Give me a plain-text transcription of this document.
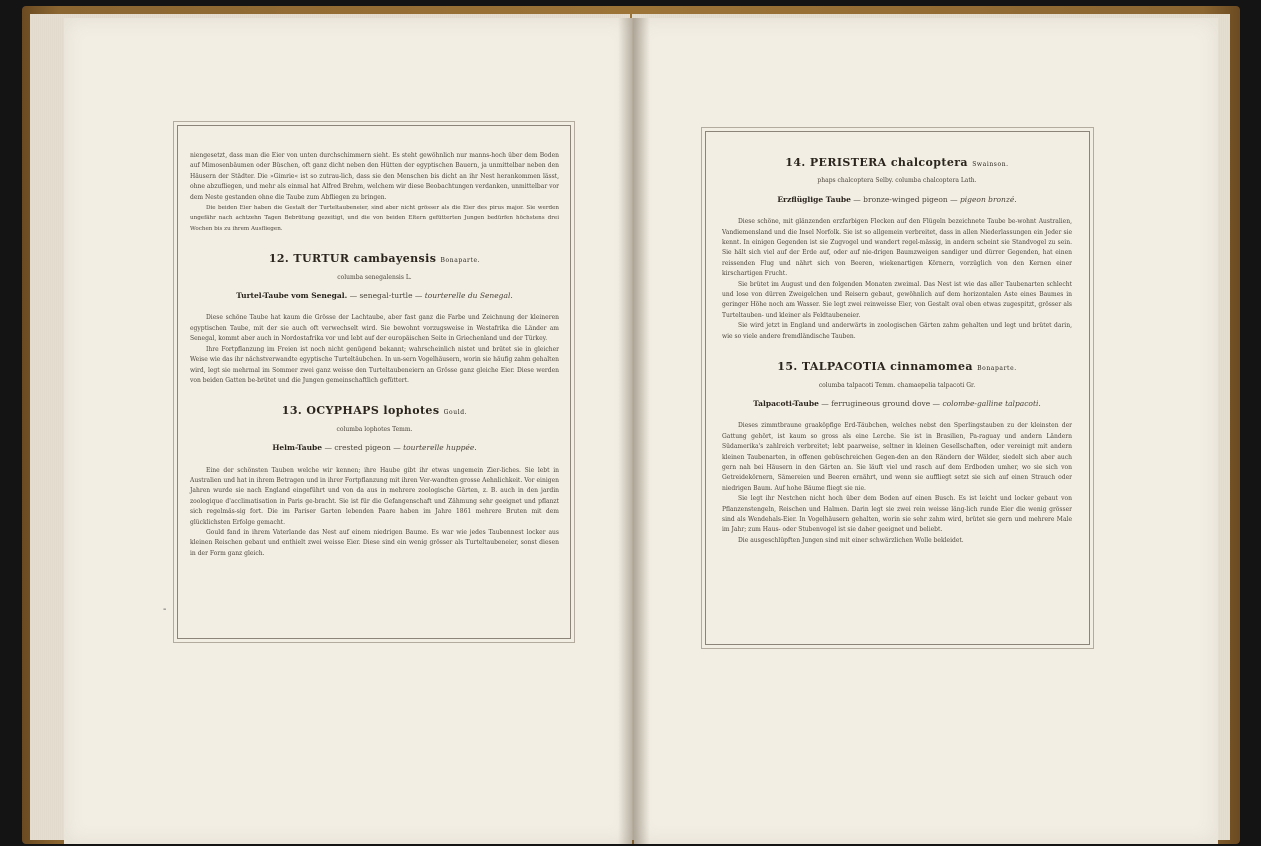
-

niengesetzt, dass man die Eier von unten durchschimmern sieht. Es steht gewöhnlich nur manns-hoch über dem Boden auf Mimosenbäumen oder Büschen, oft ganz dicht neben den Hütten der egyptischen Bauern, ja unmittelbar neben den Häusern der Städter. Die »Gimrie« ist so zutrau-lich, dass sie den Menschen bis dicht an ihr Nest herankommen lässt, ohne abzufliegen, und mehr als einmal hat Alfred Brehm, welchem wir diese Beobachtungen verdanken, unmittelbar vor dem Neste gestanden ohne die Taube zum Abfliegen zu bringen.

Die beiden Eier haben die Gestalt der Turteltaubeneier, sind aber nicht grösser als die Eier des pirus major. Sie werden ungefähr nach achtzehn Tagen Bebrütung gezeitigt, und die von beiden Eltern gefütterten Jungen bedürfen höchstens drei Wochen bis zu ihrem Ausfliegen.

12. TURTUR cambayensis Bonaparte.
columba senegalensis L.
Turtel-Taube vom Senegal. — senegal-turtle — tourterelle du Senegal.

Diese schöne Taube hat kaum die Grösse der Lachtaube, aber fast ganz die Farbe und Zeichnung der kleineren egyptischen Taube, mit der sie auch oft verwechselt wird. Sie bewohnt vorzugsweise in Westafrika die Länder am Senegal, kommt aber auch in Nordostafrika vor und lebt auf der europäischen Seite in Griechenland und der Türkey.

Ihre Fortpflanzung im Freien ist noch nicht genügend bekannt; wahrscheinlich nistet und brütet sie in gleicher Weise wie das ihr nächstverwandte egyptische Turteltäubchen. In un-sern Vogelhäusern, worin sie häufig zahm gehalten wird, legt sie mehrmal im Sommer zwei ganz weisse den Turteltaubeneiern an Grösse ganz gleiche Eier. Diese werden von beiden Gatten be-brütet und die Jungen gemeinschaftlich gefüttert.

13. OCYPHAPS lophotes Gould.
columba lophotes Temm.
Helm-Taube — crested pigeon — tourterelle huppée.

Eine der schönsten Tauben welche wir kennen; ihre Haube gibt ihr etwas ungemein Zier-liches. Sie lebt in Australien und hat in ihrem Betragen und in ihrer Fortpflanzung mit ihren Ver-wandten grosse Aehnlichkeit. Vor einigen Jahren wurde sie nach England eingeführt und von da aus in mehrere zoologische Gärten, z. B. auch in den jardin zoologique d'acclimatisation in Paris ge-bracht. Sie ist für die Gefangenschaft und Zähmung sehr geeignet und pflanzt sich regelmäs-sig fort. Die im Pariser Garten lebenden Paare haben im Jahre 1861 mehrere Bruten mit dem glücklichsten Erfolge gemacht.

Gould fand in ihrem Vaterlande das Nest auf einem niedrigen Baume. Es war wie jedes Taubennest locker aus kleinen Reischen gebaut und enthielt zwei weisse Eier. Diese sind ein wenig grösser als Turteltaubeneier, sonst diesen in der Form ganz gleich.

14. PERISTERA chalcoptera Swainson.
phaps chalcoptera Selby. columba chalcoptera Lath.
Erzflüglige Taube — bronze-winged pigeon — pigeon bronzé.

Diese schöne, mit glänzenden erzfarbigen Flecken auf den Flügeln bezeichnete Taube be-wohnt Australien, Vandiemensland und die Insel Norfolk. Sie ist so allgemein verbreitet, dass in allen Niederlassungen ein Jeder sie kennt. In einigen Gegenden ist sie Zugvogel und wandert regel-mässig, in andern scheint sie Standvogel zu sein. Sie hält sich viel auf der Erde auf, oder auf nie-drigen Baumzweigen sandiger und dürrer Gegenden, hat einen reissenden Flug und nährt sich von Beeren, wiekenartigen Körnern, vorzüglich von den Kernen einer kirschartigen Frucht.

Sie brütet im August und den folgenden Monaten zweimal. Das Nest ist wie das aller Taubenarten schlecht und lose von dürren Zweigelchen und Reisern gebaut, gewöhnlich auf dem horizontalen Aste eines Baumes in geringer Höhe noch am Wasser. Sie legt zwei reinweisse Eier, von Gestalt oval oben etwas zugespitzt, grösser als Turteltauben- und kleiner als Feldtaubeneier.

Sie wird jetzt in England und anderwärts in zoologischen Gärten zahm gehalten und legt und brütet darin, wie so viele andere fremdländische Tauben.

15. TALPACOTIA cinnamomea Bonaparte.
columba talpacoti Temm. chamaepelia talpacoti Gr.
Talpacoti-Taube — ferrugineous ground dove — colombe-galline talpacoti.

Dieses zimmtbraune graaköpfige Erd-Täubchen, welches nebst den Sperlingstauben zu der kleinsten der Gattung gehört, ist kaum so gross als eine Lerche. Sie ist in Brasilien, Pa-raguay und andern Ländern Südamerika's zahlreich verbreitet; lebt paarweise, seltner in kleinen Gesellschaften, oder vereinigt mit andern kleinen Taubenarten, in offenen gebüschreichen Gegen-den an den Rändern der Wälder, siedelt sich aber auch gern nah bei Häusern in den Gärten an. Sie läuft viel und rasch auf dem Erdboden umher, wo sie sich von Getreidekörnern, Sämereien und Beeren ernährt, und wenn sie auffliegt setzt sie sich auf einen Strauch oder niedrigen Baum. Auf hohe Bäume fliegt sie nie.

Sie legt ihr Nestchen nicht hoch über dem Boden auf einen Busch. Es ist leicht und locker gebaut von Pflanzenstengeln, Reischen und Halmen. Darin legt sie zwei rein weisse läng-lich runde Eier die wenig grösser sind als Wendehals-Eier. In Vogelhäusern gehalten, worin sie sehr zahm wird, brütet sie gern und mehrere Male im Jahr; zum Haus- oder Stubenvogel ist sie daher geeignet und beliebt.

Die ausgeschlüpften Jungen sind mit einer schwärzlichen Wolle bekleidet.
